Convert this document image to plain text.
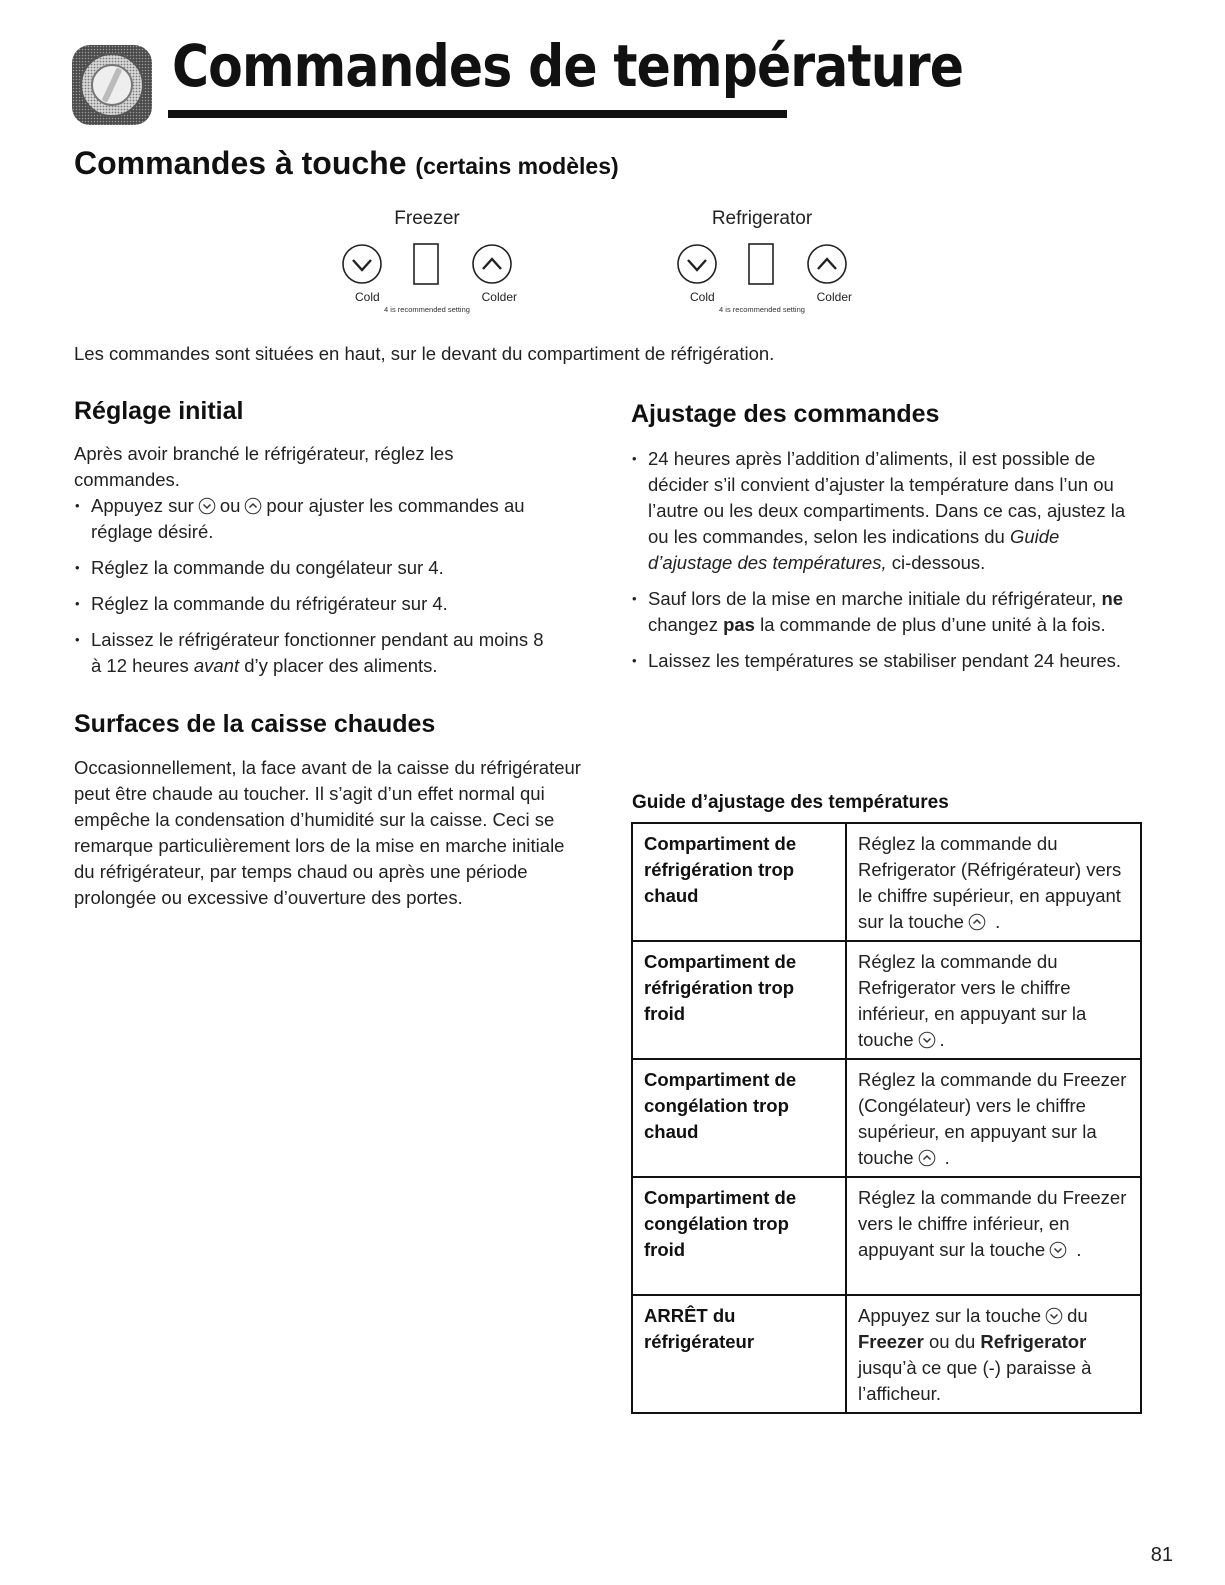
Commandes de température
Commandes à touche (certains modèles)
Freezer
Cold	Colder
4 is recommended setting
Refrigerator
Cold	Colder
4 is recommended setting
Les commandes sont situées en haut, sur le devant du compartiment de réfrigération.
Réglage initial
Après avoir branché le réfrigérateur, réglez les commandes.
• Appuyez sur ou pour ajuster les commandes au réglage désiré.
• Réglez la commande du congélateur sur 4.
• Réglez la commande du réfrigérateur sur 4.
• Laissez le réfrigérateur fonctionner pendant au moins 8 à 12 heures avant d’y placer des aliments.
Surfaces de la caisse chaudes
Occasionnellement, la face avant de la caisse du réfrigérateur peut être chaude au toucher. Il s’agit d’un effet normal qui empêche la condensation d’humidité sur la caisse. Ceci se remarque particulièrement lors de la mise en marche initiale du réfrigérateur, par temps chaud ou après une période prolongée ou excessive d’ouverture des portes.
Ajustage des commandes
• 24 heures après l’addition d’aliments, il est possible de décider s’il convient d’ajuster la température dans l’un ou l’autre ou les deux compartiments. Dans ce cas, ajustez la ou les commandes, selon les indications du Guide d’ajustage des températures, ci-dessous.
• Sauf lors de la mise en marche initiale du réfrigérateur, ne changez pas la commande de plus d’une unité à la fois.
• Laissez les températures se stabiliser pendant 24 heures.
Guide d’ajustage des températures
Compartiment de réfrigération trop chaud	Réglez la commande du Refrigerator (Réfrigérateur) vers le chiffre supérieur, en appuyant sur la touche .
Compartiment de réfrigération trop froid	Réglez la commande du Refrigerator vers le chiffre inférieur, en appuyant sur la touche .
Compartiment de congélation trop chaud	Réglez la commande du Freezer (Congélateur) vers le chiffre supérieur, en appuyant sur la touche .
Compartiment de congélation trop froid	Réglez la commande du Freezer vers le chiffre inférieur, en appuyant sur la touche .
ARRÊT du réfrigérateur	Appuyez sur la touche du Freezer ou du Refrigerator jusqu’à ce que (-) paraisse à l’afficheur.
81
